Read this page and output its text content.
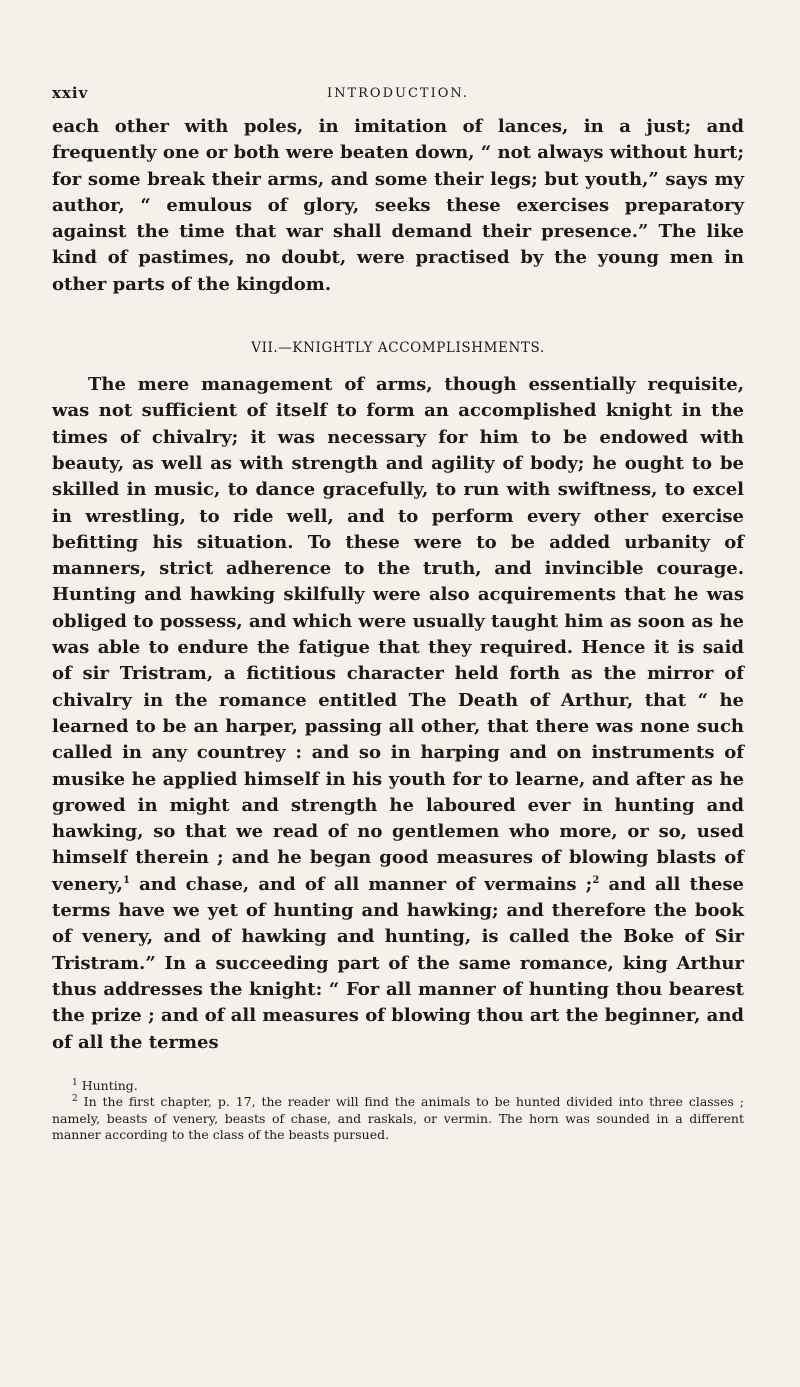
xxiv	INTRODUCTION.

each other with poles, in imitation of lances, in a just; and frequently one or both were beaten down, “ not always without hurt; for some break their arms, and some their legs; but youth,” says my author, “ emulous of glory, seeks these exercises preparatory against the time that war shall demand their presence.” The like kind of pastimes, no doubt, were practised by the young men in other parts of the kingdom.

VII.—KNIGHTLY ACCOMPLISHMENTS.

The mere management of arms, though essentially requisite, was not sufficient of itself to form an accomplished knight in the times of chivalry; it was necessary for him to be endowed with beauty, as well as with strength and agility of body; he ought to be skilled in music, to dance gracefully, to run with swiftness, to excel in wrestling, to ride well, and to perform every other exercise befitting his situation. To these were to be added urbanity of manners, strict adherence to the truth, and invincible courage. Hunting and hawking skilfully were also acquirements that he was obliged to possess, and which were usually taught him as soon as he was able to endure the fatigue that they required. Hence it is said of sir Tristram, a fictitious character held forth as the mirror of chivalry in the romance entitled The Death of Arthur, that “ he learned to be an harper, passing all other, that there was none such called in any countrey : and so in harping and on instruments of musike he applied himself in his youth for to learne, and after as he growed in might and strength he laboured ever in hunting and hawking, so that we read of no gentlemen who more, or so, used himself therein ; and he began good measures of blowing blasts of venery,$^1$ and chase, and of all manner of vermains ;$^2$ and all these terms have we yet of hunting and hawking; and therefore the book of venery, and of hawking and hunting, is called the Boke of Sir Tristram.” In a succeeding part of the same romance, king Arthur thus addresses the knight: “ For all manner of hunting thou bearest the prize ; and of all measures of blowing thou art the beginner, and of all the termes

$^1$ Hunting.

$^2$ In the first chapter, p. 17, the reader will find the animals to be hunted divided into three classes ; namely, beasts of venery, beasts of chase, and raskals, or vermin. The horn was sounded in a different manner according to the class of the beasts pursued.
